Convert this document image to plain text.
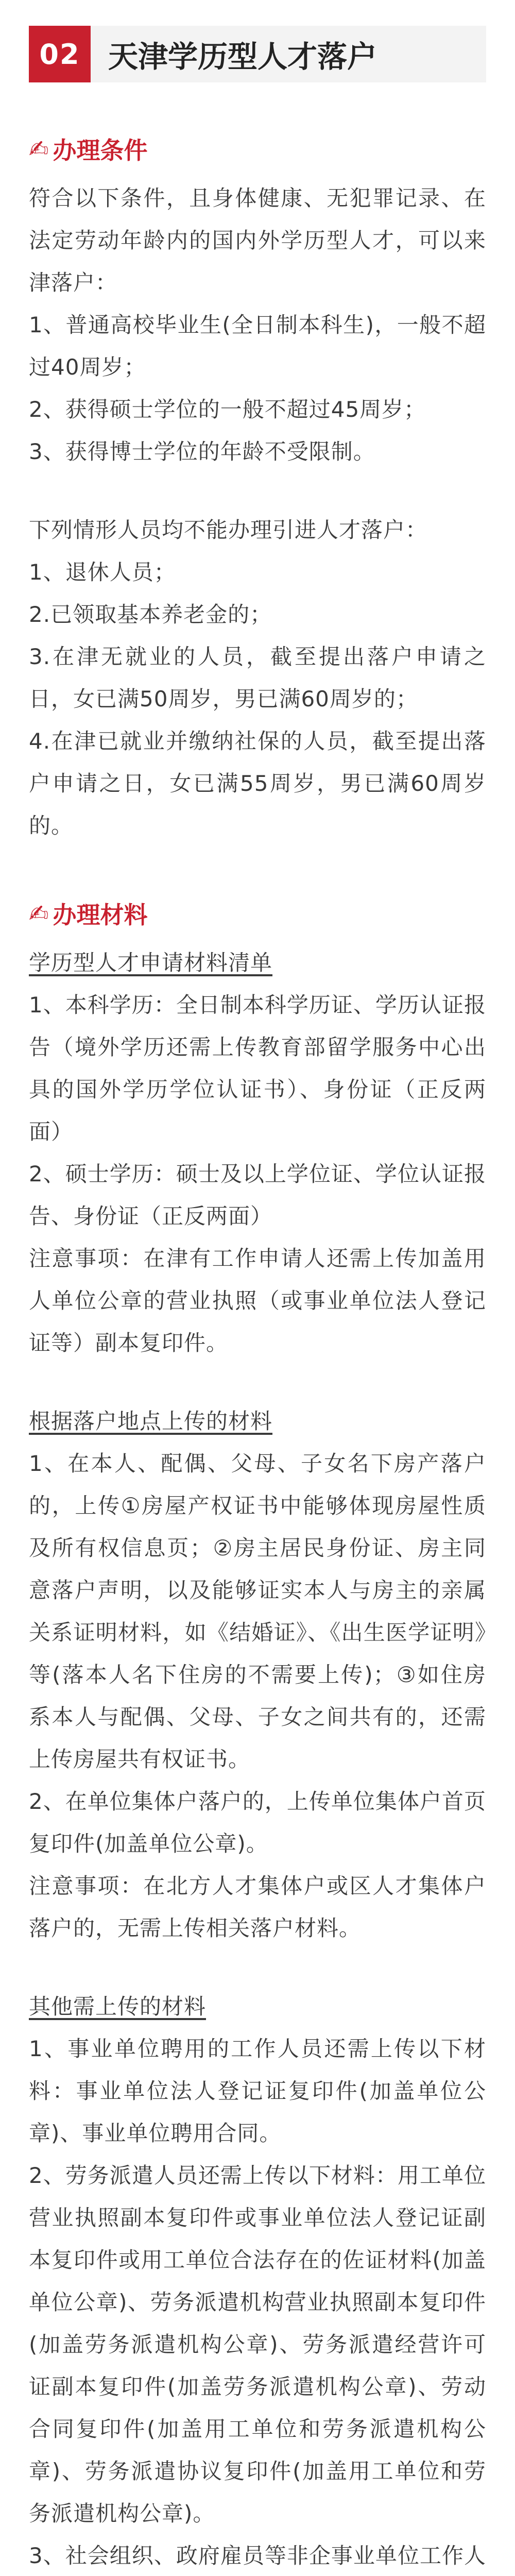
02 天津学历型人才落户
✍ 办理条件

符合以下条件，且身体健康、无犯罪记录、在法定劳动年龄内的国内外学历型人才，可以来津落户：

1、普通高校毕业生(全日制本科生)，一般不超过40周岁；

2、获得硕士学位的一般不超过45周岁；

3、获得博士学位的年龄不受限制。

下列情形人员均不能办理引进人才落户：

1、退休人员；

2.已领取基本养老金的；

3.在津无就业的人员，截至提出落户申请之日，女已满50周岁，男已满60周岁的；

4.在津已就业并缴纳社保的人员，截至提出落户申请之日，女已满55周岁，男已满60周岁的。

✍ 办理材料

学历型人才申请材料清单

1、本科学历：全日制本科学历证、学历认证报告（境外学历还需上传教育部留学服务中心出具的国外学历学位认证书）、身份证（正反两面）

2、硕士学历：硕士及以上学位证、学位认证报告、身份证（正反两面）

注意事项：在津有工作申请人还需上传加盖用人单位公章的营业执照（或事业单位法人登记证等）副本复印件。

根据落户地点上传的材料

1、在本人、配偶、父母、子女名下房产落户的，上传①房屋产权证书中能够体现房屋性质及所有权信息页；②房主居民身份证、房主同意落户声明，以及能够证实本人与房主的亲属关系证明材料，如《结婚证》、《出生医学证明》等(落本人名下住房的不需要上传)；③如住房系本人与配偶、父母、子女之间共有的，还需上传房屋共有权证书。

2、在单位集体户落户的，上传单位集体户首页复印件(加盖单位公章)。

注意事项：在北方人才集体户或区人才集体户落户的，无需上传相关落户材料。

其他需上传的材料

1、事业单位聘用的工作人员还需上传以下材料：事业单位法人登记证复印件(加盖单位公章)、事业单位聘用合同。

2、劳务派遣人员还需上传以下材料：用工单位营业执照副本复印件或事业单位法人登记证副本复印件或用工单位合法存在的佐证材料(加盖单位公章)、劳务派遣机构营业执照副本复印件(加盖劳务派遣机构公章)、劳务派遣经营许可证副本复印件(加盖劳务派遣机构公章)、劳动合同复印件(加盖用工单位和劳务派遣机构公章)、劳务派遣协议复印件(加盖用工单位和劳务派遣机构公章)。

3、社会组织、政府雇员等非企事业单位工作人
